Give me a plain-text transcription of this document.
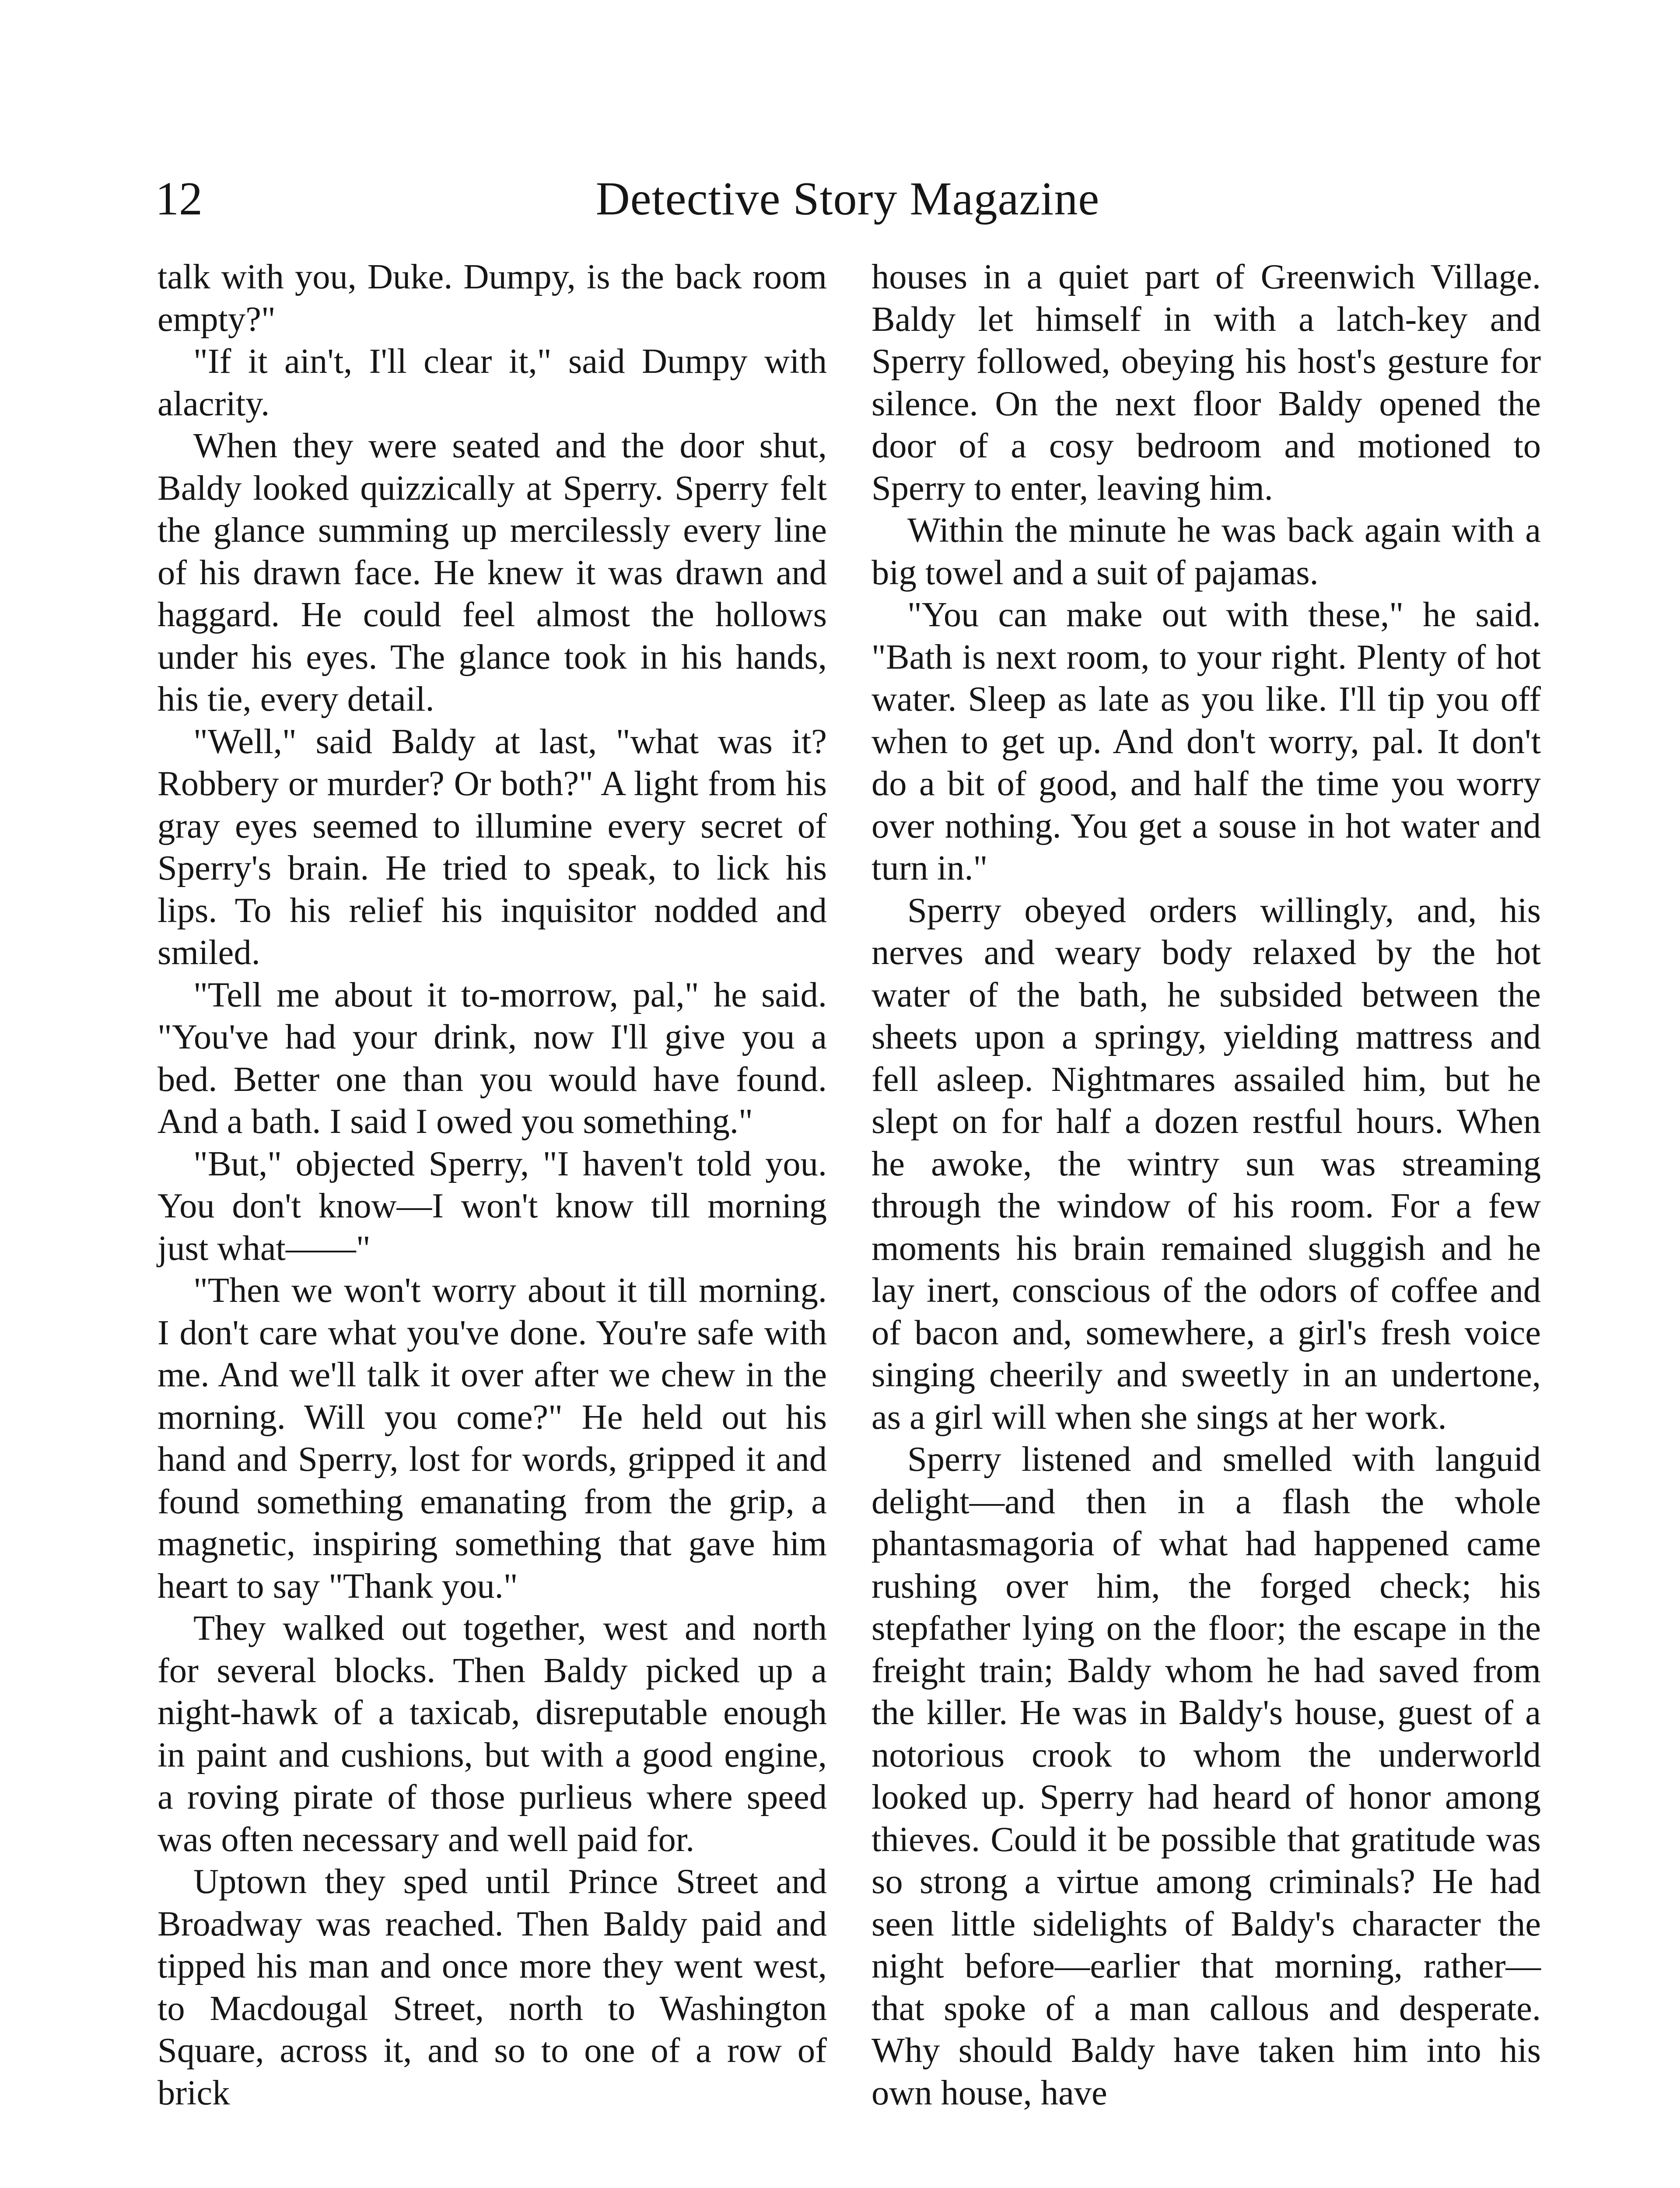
12	Detective Story Magazine

talk with you, Duke. Dumpy, is the back room empty?"

"If it ain't, I'll clear it," said Dumpy with alacrity.

When they were seated and the door shut, Baldy looked quizzically at Sperry. Sperry felt the glance summing up mercilessly every line of his drawn face. He knew it was drawn and haggard. He could feel almost the hollows under his eyes. The glance took in his hands, his tie, every detail.

"Well," said Baldy at last, "what was it? Robbery or murder? Or both?" A light from his gray eyes seemed to illumine every secret of Sperry's brain. He tried to speak, to lick his lips. To his relief his inquisitor nodded and smiled.

"Tell me about it to-morrow, pal," he said. "You've had your drink, now I'll give you a bed. Better one than you would have found. And a bath. I said I owed you something."

"But," objected Sperry, "I haven't told you. You don't know—I won't know till morning just what——"

"Then we won't worry about it till morning. I don't care what you've done. You're safe with me. And we'll talk it over after we chew in the morning. Will you come?" He held out his hand and Sperry, lost for words, gripped it and found something emanating from the grip, a magnetic, inspiring something that gave him heart to say "Thank you."

They walked out together, west and north for several blocks. Then Baldy picked up a night-hawk of a taxicab, disreputable enough in paint and cushions, but with a good engine, a roving pirate of those purlieus where speed was often necessary and well paid for.

Uptown they sped until Prince Street and Broadway was reached. Then Baldy paid and tipped his man and once more they went west, to Macdougal Street, north to Washington Square, across it, and so to one of a row of brick

houses in a quiet part of Greenwich Village. Baldy let himself in with a latch-key and Sperry followed, obeying his host's gesture for silence. On the next floor Baldy opened the door of a cosy bedroom and motioned to Sperry to enter, leaving him.

Within the minute he was back again with a big towel and a suit of pajamas.

"You can make out with these," he said. "Bath is next room, to your right. Plenty of hot water. Sleep as late as you like. I'll tip you off when to get up. And don't worry, pal. It don't do a bit of good, and half the time you worry over nothing. You get a souse in hot water and turn in."

Sperry obeyed orders willingly, and, his nerves and weary body relaxed by the hot water of the bath, he subsided between the sheets upon a springy, yielding mattress and fell asleep. Nightmares assailed him, but he slept on for half a dozen restful hours. When he awoke, the wintry sun was streaming through the window of his room. For a few moments his brain remained sluggish and he lay inert, conscious of the odors of coffee and of bacon and, somewhere, a girl's fresh voice singing cheerily and sweetly in an undertone, as a girl will when she sings at her work.

Sperry listened and smelled with languid delight—and then in a flash the whole phantasmagoria of what had happened came rushing over him, the forged check; his stepfather lying on the floor; the escape in the freight train; Baldy whom he had saved from the killer. He was in Baldy's house, guest of a notorious crook to whom the underworld looked up. Sperry had heard of honor among thieves. Could it be possible that gratitude was so strong a virtue among criminals? He had seen little sidelights of Baldy's character the night before—earlier that morning, rather—that spoke of a man callous and desperate. Why should Baldy have taken him into his own house, have
